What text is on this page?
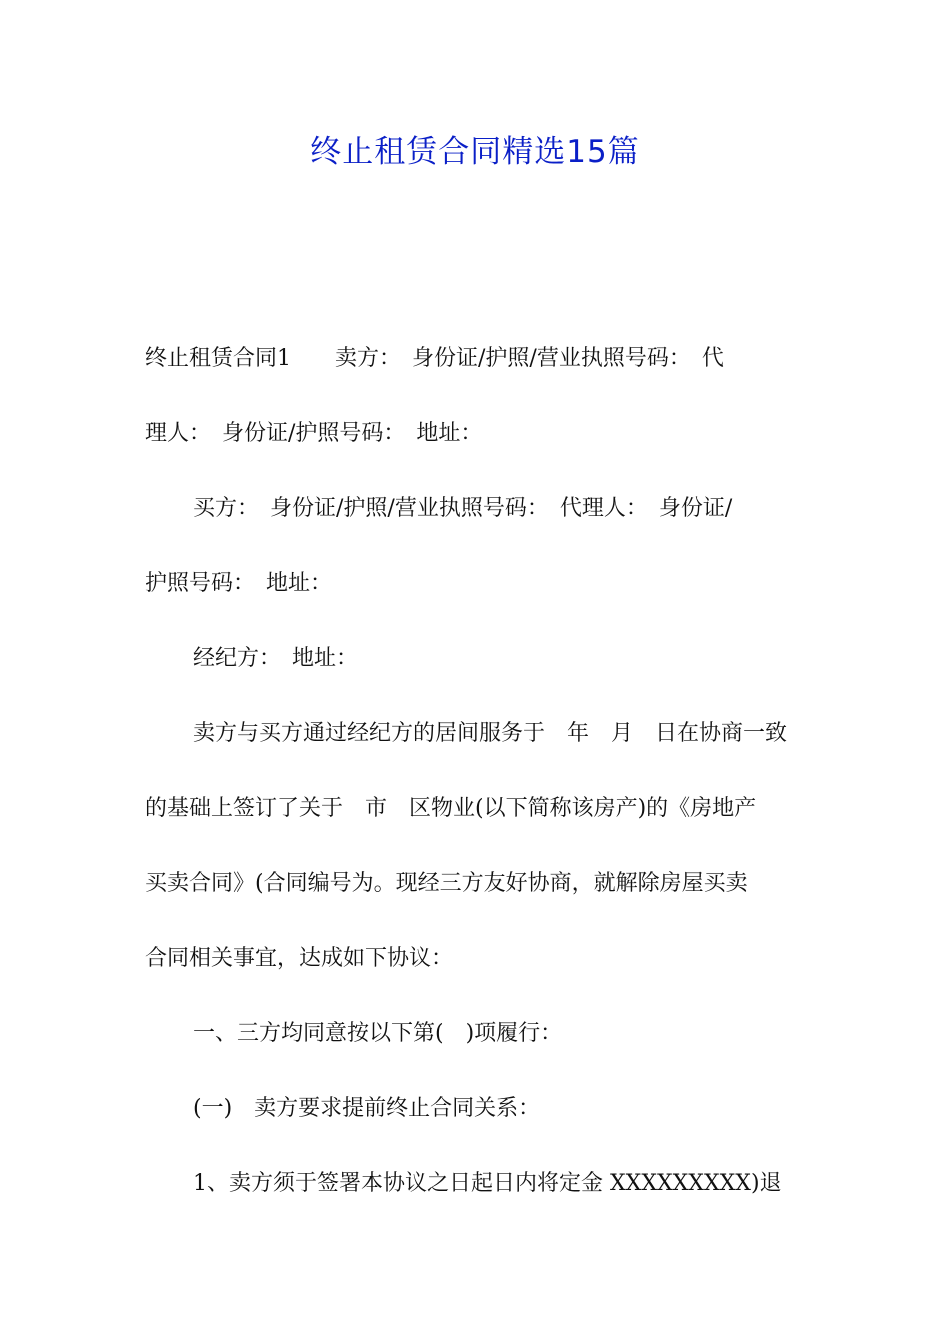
终止租赁合同精选15篇
终止租赁合同1　　卖方：　身份证/护照/营业执照号码：　代
理人：　身份证/护照号码：　地址：
买方：　身份证/护照/营业执照号码：　代理人：　身份证/
护照号码：　地址：
经纪方：　地址：
卖方与买方通过经纪方的居间服务于　年　月　日在协商一致
的基础上签订了关于　市　区物业(以下简称该房产)的《房地产
买卖合同》(合同编号为。现经三方友好协商，就解除房屋买卖
合同相关事宜，达成如下协议：
一、三方均同意按以下第(　)项履行：
(一)　卖方要求提前终止合同关系：
1、卖方须于签署本协议之日起日内将定金 XXXXXXXXX)退
